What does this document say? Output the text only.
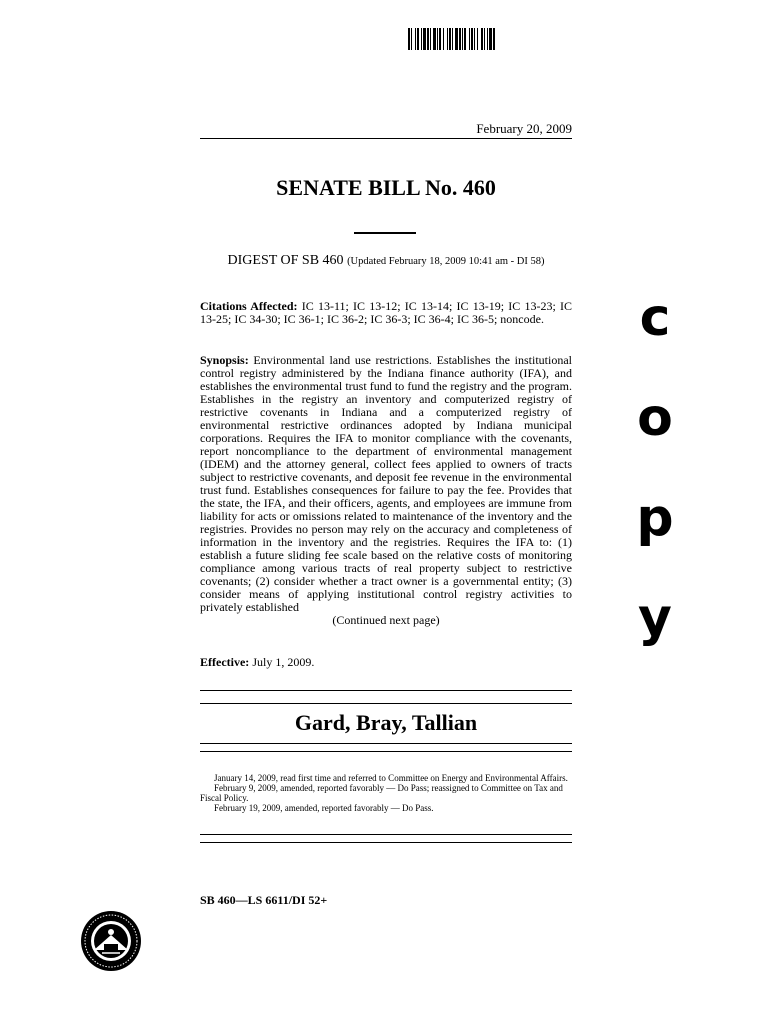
February 20, 2009
SENATE BILL No. 460
DIGEST OF SB 460 (Updated February 18, 2009 10:41 am - DI 58)
Citations Affected: IC 13-11; IC 13-12; IC 13-14; IC 13-19; IC 13-23; IC 13-25; IC 34-30; IC 36-1; IC 36-2; IC 36-3; IC 36-4; IC 36-5; noncode.
Synopsis: Environmental land use restrictions. Establishes the institutional control registry administered by the Indiana finance authority (IFA), and establishes the environmental trust fund to fund the registry and the program. Establishes in the registry an inventory and computerized registry of restrictive covenants in Indiana and a computerized registry of environmental restrictive ordinances adopted by Indiana municipal corporations. Requires the IFA to monitor compliance with the covenants, report noncompliance to the department of environmental management (IDEM) and the attorney general, collect fees applied to owners of tracts subject to restrictive covenants, and deposit fee revenue in the environmental trust fund. Establishes consequences for failure to pay the fee. Provides that the state, the IFA, and their officers, agents, and employees are immune from liability for acts or omissions related to maintenance of the inventory and the registries. Provides no person may rely on the accuracy and completeness of information in the inventory and the registries. Requires the IFA to: (1) establish a future sliding fee scale based on the relative costs of monitoring compliance among various tracts of real property subject to restrictive covenants; (2) consider whether a tract owner is a governmental entity; (3) consider means of applying institutional control registry activities to privately established
(Continued next page)
Effective: July 1, 2009.
c
o
p
y
Gard, Bray, Tallian

January 14, 2009, read first time and referred to Committee on Energy and Environmental Affairs.

February 9, 2009, amended, reported favorably — Do Pass; reassigned to Committee on Tax and Fiscal Policy.

February 19, 2009, amended, reported favorably — Do Pass.

SB 460—LS 6611/DI 52+
